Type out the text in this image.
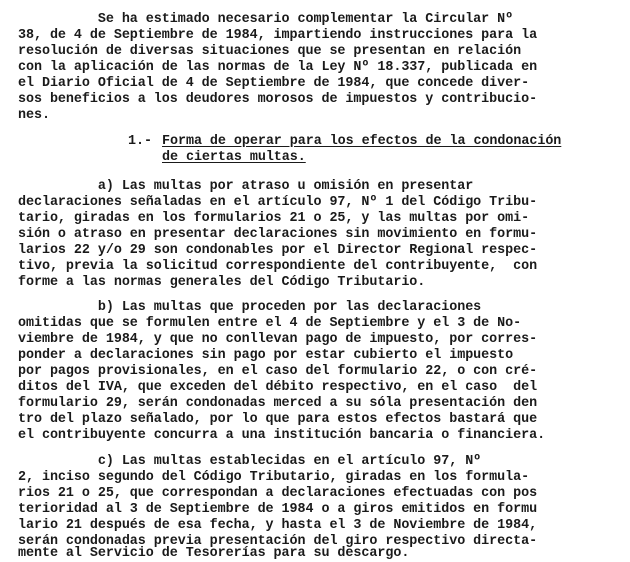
Se ha estimado necesario complementar la Circular Nº
38, de 4 de Septiembre de 1984, impartiendo instrucciones para la
resolución de diversas situaciones que se presentan en relación
con la aplicación de las normas de la Ley Nº 18.337, publicada en
el Diario Oficial de 4 de Septiembre de 1984, que concede diver-
sos beneficios a los deudores morosos de impuestos y contribucio-
nes.
1.- Forma de operar para los efectos de la condonación
de ciertas multas.
a) Las multas por atraso u omisión en presentar
declaraciones señaladas en el artículo 97, Nº 1 del Código Tribu-
tario, giradas en los formularios 21 o 25, y las multas por omi-
sión o atraso en presentar declaraciones sin movimiento en formu-
larios 22 y/o 29 son condonables por el Director Regional respec-
tivo, previa la solicitud correspondiente del contribuyente,  con
forme a las normas generales del Código Tributario.
b) Las multas que proceden por las declaraciones
omitidas que se formulen entre el 4 de Septiembre y el 3 de No-
viembre de 1984, y que no conllevan pago de impuesto, por corres-
ponder a declaraciones sin pago por estar cubierto el impuesto
por pagos provisionales, en el caso del formulario 22, o con cré-
ditos del IVA, que exceden del débito respectivo, en el caso  del
formulario 29, serán condonadas merced a su sóla presentación den
tro del plazo señalado, por lo que para estos efectos bastará que
el contribuyente concurra a una institución bancaria o financiera.
c) Las multas establecidas en el artículo 97, Nº
2, inciso segundo del Código Tributario, giradas en los formula-
rios 21 o 25, que correspondan a declaraciones efectuadas con pos
terioridad al 3 de Septiembre de 1984 o a giros emitidos en formu
lario 21 después de esa fecha, y hasta el 3 de Noviembre de 1984,
serán condonadas previa presentación del giro respectivo directa-
mente al Servicio de Tesorerías para su descargo.
